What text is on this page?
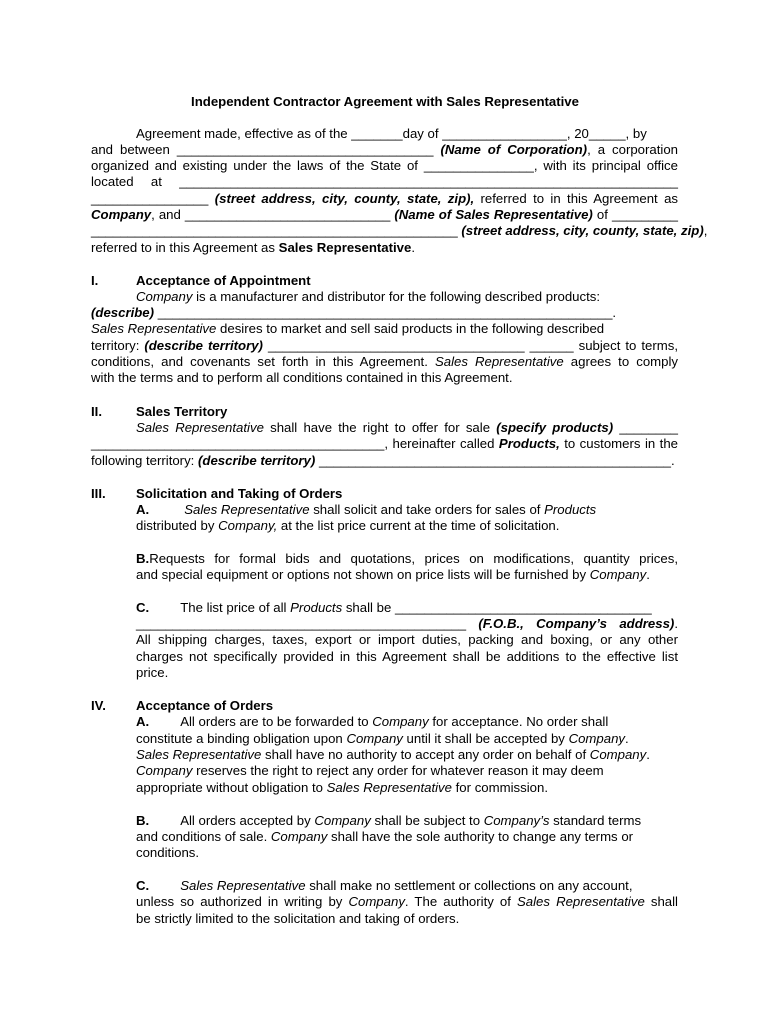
Independent Contractor Agreement with Sales Representative
Agreement made, effective as of the _______day of _________________, 20_____, by
and between ___________________________________ (Name of Corporation), a corporation
organized and existing under the laws of the State of _______________, with its principal office
located at ____________________________________________________________________
________________ (street address, city, county, state, zip), referred to in this Agreement as
Company, and ____________________________ (Name of Sales Representative) of _________
__________________________________________________ (street address, city, county, state, zip),
referred to in this Agreement as Sales Representative.
I.	Acceptance of Appointment
Company is a manufacturer and distributor for the following described products:
(describe) ______________________________________________________________.
Sales Representative desires to market and sell said products in the following described
territory: (describe territory) ___________________________________ ______ subject to terms,
conditions, and covenants set forth in this Agreement. Sales Representative agrees to comply
with the terms and to perform all conditions contained in this Agreement.
II.	Sales Territory
Sales Representative shall have the right to offer for sale (specify products) ________
________________________________________, hereinafter called Products, to customers in the
following territory: (describe territory) ________________________________________________.
III. Solicitation and Taking of Orders
A.	Sales Representative shall solicit and take orders for sales of Products
distributed by Company, at the list price current at the time of solicitation.
B.Requests for formal bids and quotations, prices on modifications, quantity prices,
and special equipment or options not shown on price lists will be furnished by Company.
C. The list price of all Products shall be ___________________________________
_____________________________________________ (F.O.B., Company’s address).
All shipping charges, taxes, export or import duties, packing and boxing, or any other
charges not specifically provided in this Agreement shall be additions to the effective list
price.
IV. Acceptance of Orders
A. All orders are to be forwarded to Company for acceptance. No order shall
constitute a binding obligation upon Company until it shall be accepted by Company.
Sales Representative shall have no authority to accept any order on behalf of Company.
Company reserves the right to reject any order for whatever reason it may deem
appropriate without obligation to Sales Representative for commission.
B. All orders accepted by Company shall be subject to Company’s standard terms
and conditions of sale. Company shall have the sole authority to change any terms or
conditions.
C. Sales Representative shall make no settlement or collections on any account,
unless so authorized in writing by Company. The authority of Sales Representative shall
be strictly limited to the solicitation and taking of orders.
